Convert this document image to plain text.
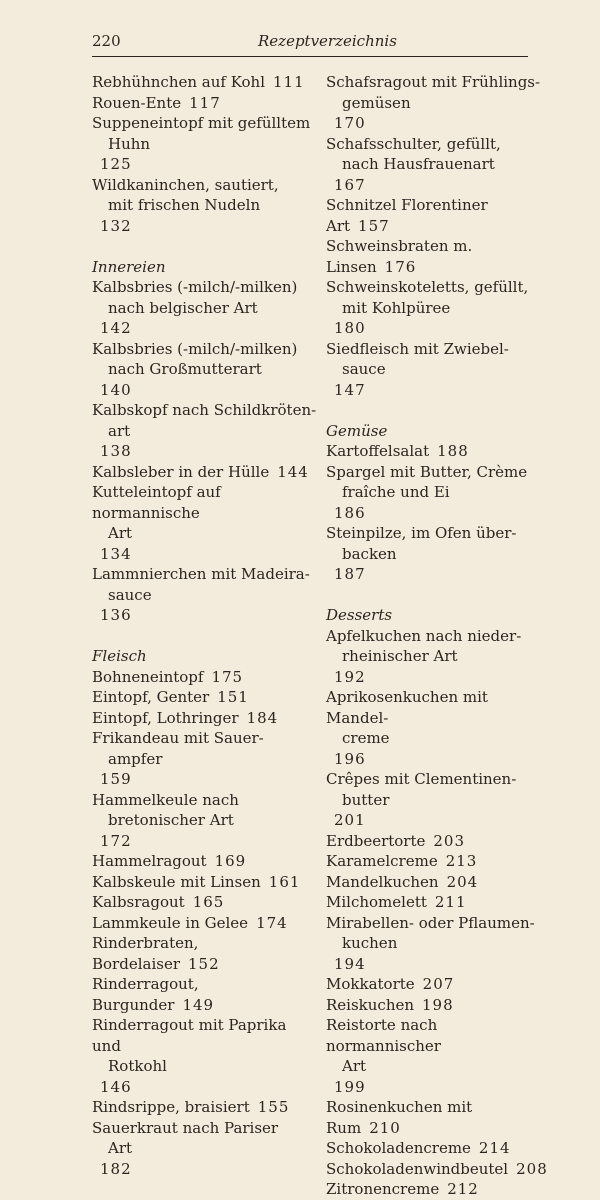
220	Rezeptverzeichnis
Rebhühnchen auf Kohl 111
Rouen-Ente 117
Suppeneintopf mit gefülltem
Huhn
125
Wildkaninchen, sautiert,
mit frischen Nudeln
132
Innereien
Kalbsbries (-milch/-milken)
nach belgischer Art
142
Kalbsbries (-milch/-milken)
nach Großmutterart
140
Kalbskopf nach Schildkröten-
art
138
Kalbsleber in der Hülle 144
Kutteleintopf auf normannische
Art
134
Lammnierchen mit Madeira-
sauce
136
Fleisch
Bohneneintopf 175
Eintopf, Genter 151
Eintopf, Lothringer 184
Frikandeau mit Sauer-
ampfer
159
Hammelkeule nach
bretonischer Art
172
Hammelragout 169
Kalbskeule mit Linsen 161
Kalbsragout 165
Lammkeule in Gelee 174
Rinderbraten, Bordelaiser 152
Rinderragout, Burgunder 149
Rinderragout mit Paprika und
Rotkohl
146
Rindsrippe, braisiert 155
Sauerkraut nach Pariser
Art
182
Schafsragout mit Frühlings-
gemüsen
170
Schafsschulter, gefüllt,
nach Hausfrauenart
167
Schnitzel Florentiner Art 157
Schweinsbraten m. Linsen 176
Schweinskoteletts, gefüllt,
mit Kohlpüree
180
Siedfleisch mit Zwiebel-
sauce
147
Gemüse
Kartoffelsalat 188
Spargel mit Butter, Crème
fraîche und Ei
186
Steinpilze, im Ofen über-
backen
187
Desserts
Apfelkuchen nach nieder-
rheinischer Art
192
Aprikosenkuchen mit Mandel-
creme
196
Crêpes mit Clementinen-
butter
201
Erdbeertorte 203
Karamelcreme 213
Mandelkuchen 204
Milchomelett 211
Mirabellen- oder Pflaumen-
kuchen
194
Mokkatorte 207
Reiskuchen 198
Reistorte nach normannischer
Art
199
Rosinenkuchen mit Rum 210
Schokoladencreme 214
Schokoladenwindbeutel 208
Zitronencreme 212
